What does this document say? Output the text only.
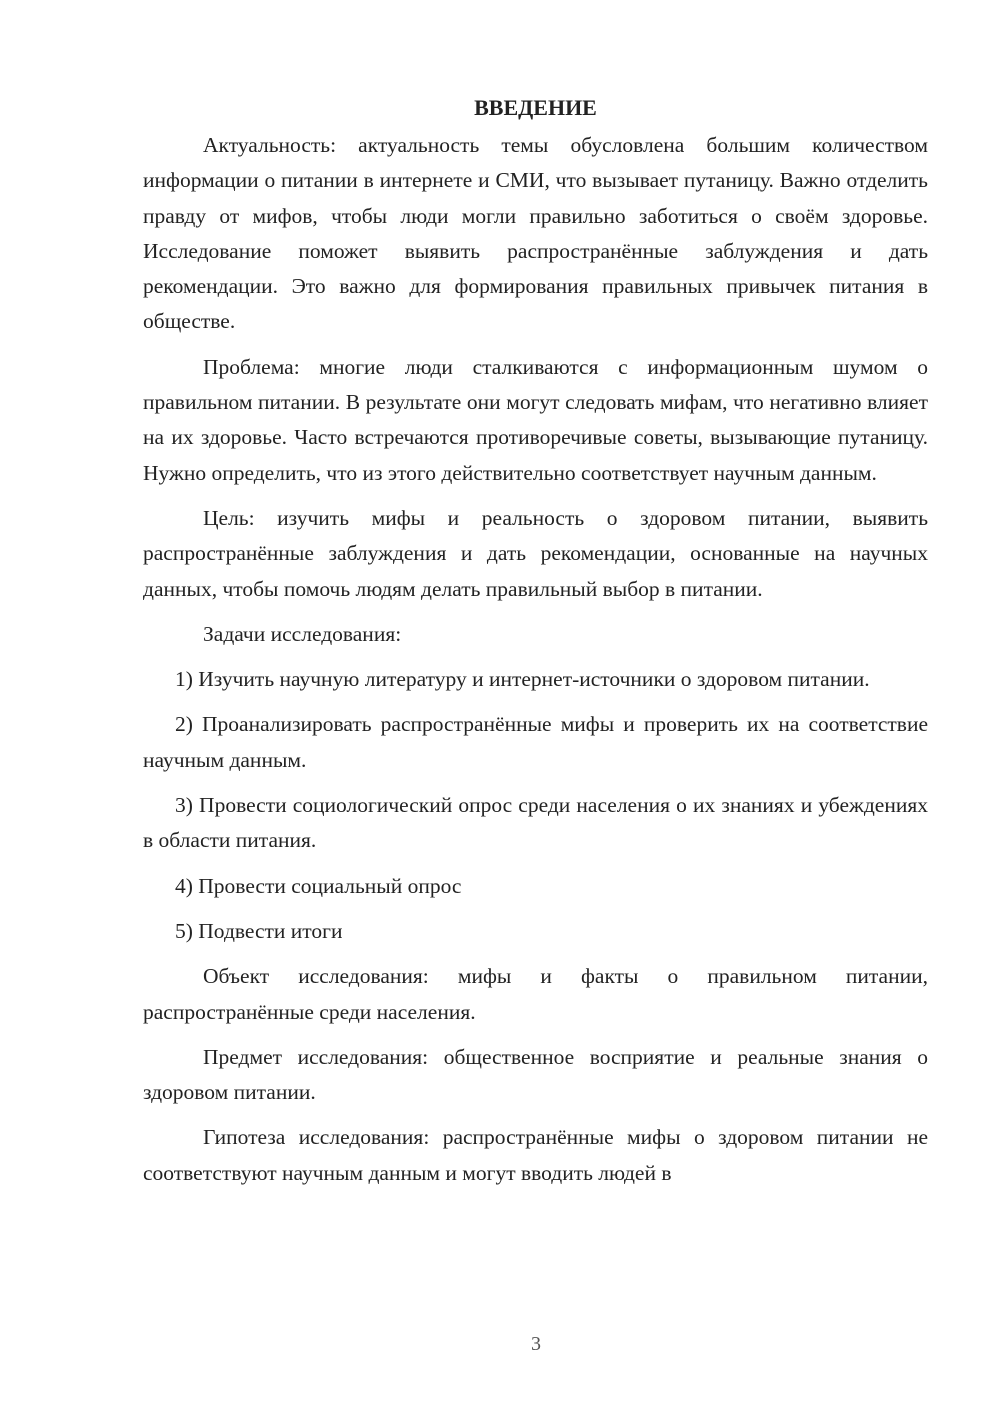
ВВЕДЕНИЕ

Актуальность: актуальность темы обусловлена большим количеством информации о питании в интернете и СМИ, что вызывает путаницу. Важно отделить правду от мифов, чтобы люди могли правильно заботиться о своём здоровье. Исследование поможет выявить распространённые заблуждения и дать рекомендации. Это важно для формирования правильных привычек питания в обществе.

Проблема: многие люди сталкиваются с информационным шумом о правильном питании. В результате они могут следовать мифам, что негативно влияет на их здоровье. Часто встречаются противоречивые советы, вызывающие путаницу. Нужно определить, что из этого действительно соответствует научным данным.

Цель: изучить мифы и реальность о здоровом питании, выявить распространённые заблуждения и дать рекомендации, основанные на научных данных, чтобы помочь людям делать правильный выбор в питании.

Задачи исследования:

1) Изучить научную литературу и интернет-источники о здоровом питании.

2) Проанализировать распространённые мифы и проверить их на соответствие научным данным.

3) Провести социологический опрос среди населения о их знаниях и убеждениях в области питания.

4) Провести социальный опрос

5) Подвести итоги

Объект исследования: мифы и факты о правильном питании, распространённые среди населения.

Предмет исследования: общественное восприятие и реальные знания о здоровом питании.

Гипотеза исследования: распространённые мифы о здоровом питании не соответствуют научным данным и могут вводить людей в

3
